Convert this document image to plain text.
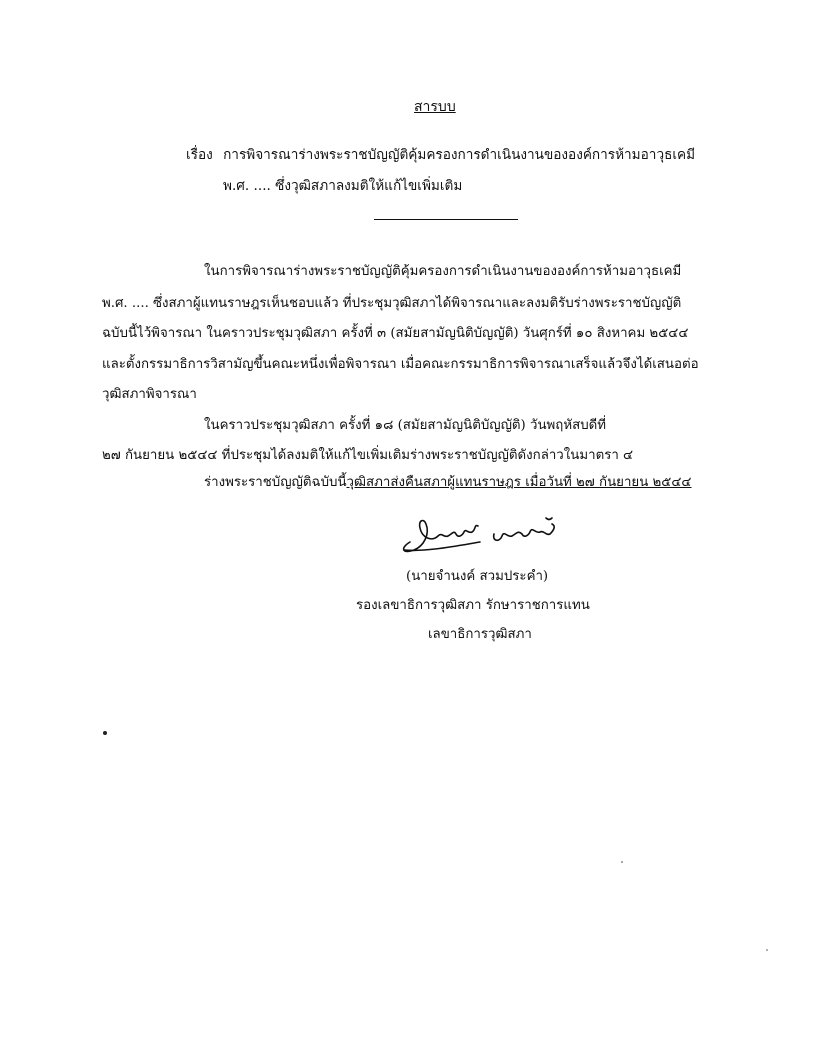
สารบบ
เรื่อง การพิจารณาร่างพระราชบัญญัติคุ้มครองการดำเนินงานขององค์การห้ามอาวุธเคมี
พ.ศ. .... ซึ่งวุฒิสภาลงมติให้แก้ไขเพิ่มเติม
ในการพิจารณาร่างพระราชบัญญัติคุ้มครองการดำเนินงานขององค์การห้ามอาวุธเคมี
พ.ศ. .... ซึ่งสภาผู้แทนราษฎรเห็นชอบแล้ว ที่ประชุมวุฒิสภาได้พิจารณาและลงมติรับร่างพระราชบัญญัติ
ฉบับนี้ไว้พิจารณา ในคราวประชุมวุฒิสภา ครั้งที่ ๓ (สมัยสามัญนิติบัญญัติ) วันศุกร์ที่ ๑๐ สิงหาคม ๒๕๔๔
และตั้งกรรมาธิการวิสามัญขึ้นคณะหนึ่งเพื่อพิจารณา เมื่อคณะกรรมาธิการพิจารณาเสร็จแล้วจึงได้เสนอต่อ
วุฒิสภาพิจารณา
ในคราวประชุมวุฒิสภา ครั้งที่ ๑๘ (สมัยสามัญนิติบัญญัติ) วันพฤหัสบดีที่
๒๗ กันยายน ๒๕๔๔ ที่ประชุมได้ลงมติให้แก้ไขเพิ่มเติมร่างพระราชบัญญัติดังกล่าวในมาตรา ๔
ร่างพระราชบัญญัติฉบับนี้วุฒิสภาส่งคืนสภาผู้แทนราษฎร เมื่อวันที่ ๒๗ กันยายน ๒๕๔๔
(นายจำนงค์ สวมประคำ)
รองเลขาธิการวุฒิสภา รักษาราชการแทน
เลขาธิการวุฒิสภา
